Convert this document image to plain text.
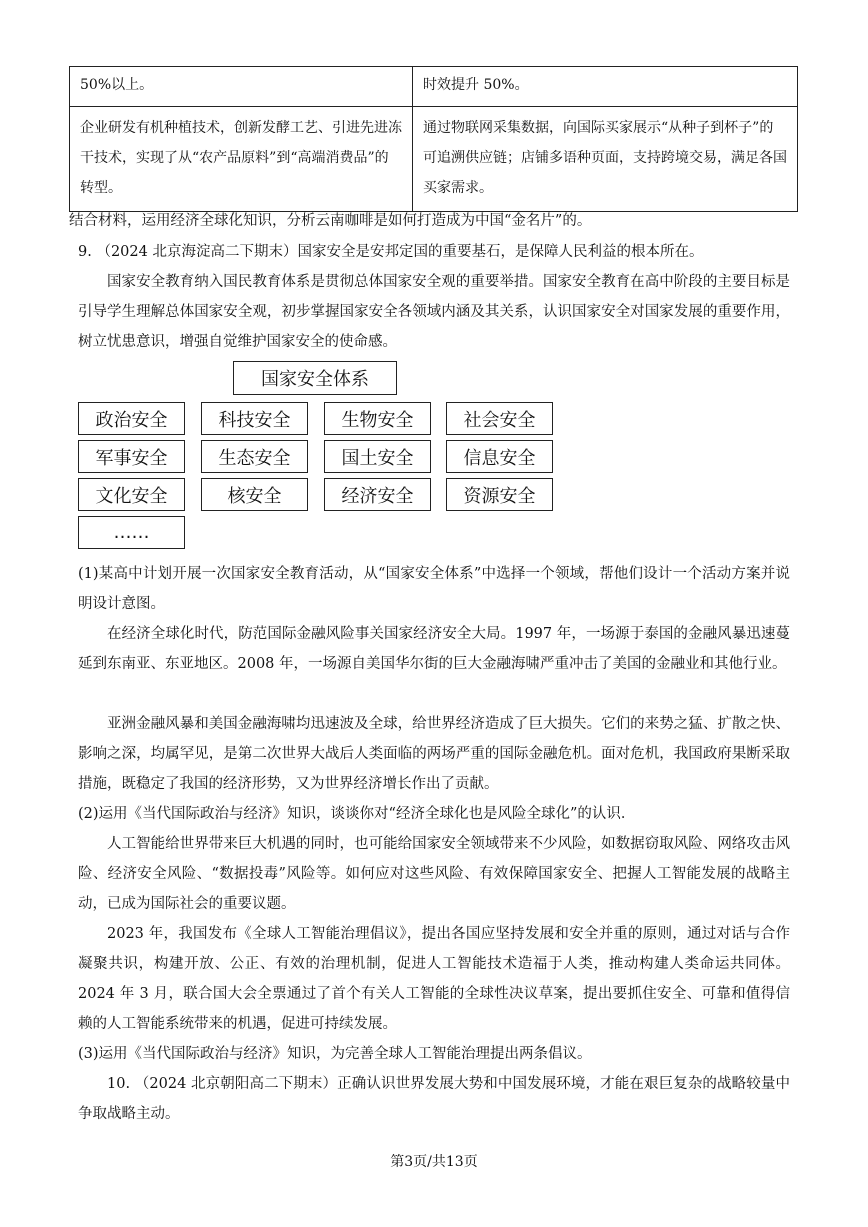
50%以上。	时效提升 50%。
企业研发有机种植技术，创新发酵工艺、引进先进冻干技术，实现了从“农产品原料”到“高端消费品”的转型。	通过物联网采集数据，向国际买家展示“从种子到杯子”的可追溯供应链；店铺多语种页面，支持跨境交易，满足各国买家需求。
结合材料，运用经济全球化知识，分析云南咖啡是如何打造成为中国“金名片”的。
9. （2024 北京海淀高二下期末）国家安全是安邦定国的重要基石，是保障人民利益的根本所在。
国家安全教育纳入国民教育体系是贯彻总体国家安全观的重要举措。国家安全教育在高中阶段的主要目标是引导学生理解总体国家安全观，初步掌握国家安全各领域内涵及其关系，认识国家安全对国家发展的重要作用，树立忧患意识，增强自觉维护国家安全的使命感。
国家安全体系
政治安全	科技安全	生物安全	社会安全
军事安全	生态安全	国土安全	信息安全
文化安全	核安全	经济安全	资源安全
……
(1)某高中计划开展一次国家安全教育活动，从“国家安全体系”中选择一个领域，帮他们设计一个活动方案并说明设计意图。
在经济全球化时代，防范国际金融风险事关国家经济安全大局。1997 年，一场源于泰国的金融风暴迅速蔓延到东南亚、东亚地区。2008 年，一场源自美国华尔街的巨大金融海啸严重冲击了美国的金融业和其他行业。
亚洲金融风暴和美国金融海啸均迅速波及全球，给世界经济造成了巨大损失。它们的来势之猛、扩散之快、影响之深，均属罕见，是第二次世界大战后人类面临的两场严重的国际金融危机。面对危机，我国政府果断采取措施，既稳定了我国的经济形势，又为世界经济增长作出了贡献。
(2)运用《当代国际政治与经济》知识，谈谈你对“经济全球化也是风险全球化”的认识．
人工智能给世界带来巨大机遇的同时，也可能给国家安全领域带来不少风险，如数据窃取风险、网络攻击风险、经济安全风险、“数据投毒”风险等。如何应对这些风险、有效保障国家安全、把握人工智能发展的战略主动，已成为国际社会的重要议题。
2023 年，我国发布《全球人工智能治理倡议》，提出各国应坚持发展和安全并重的原则，通过对话与合作凝聚共识，构建开放、公正、有效的治理机制，促进人工智能技术造福于人类，推动构建人类命运共同体。2024 年 3 月，联合国大会全票通过了首个有关人工智能的全球性决议草案，提出要抓住安全、可靠和值得信赖的人工智能系统带来的机遇，促进可持续发展。
(3)运用《当代国际政治与经济》知识，为完善全球人工智能治理提出两条倡议。
10. （2024 北京朝阳高二下期末）正确认识世界发展大势和中国发展环境，才能在艰巨复杂的战略较量中争取战略主动。
第3页/共13页
